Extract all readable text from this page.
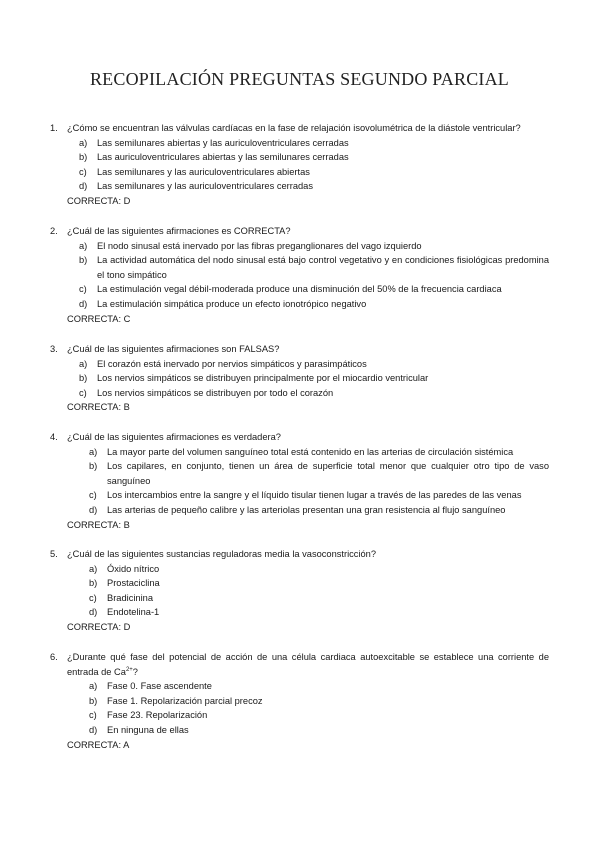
RECOPILACIÓN PREGUNTAS SEGUNDO PARCIAL
1. ¿Cómo se encuentran las válvulas cardíacas en la fase de relajación isovolumétrica de la diástole ventricular?
a) Las semilunares abiertas y las auriculoventriculares cerradas
b) Las auriculoventriculares abiertas y las semilunares cerradas
c) Las semilunares y las auriculoventriculares abiertas
d) Las semilunares y las auriculoventriculares cerradas
CORRECTA: D
2. ¿Cuál de las siguientes afirmaciones es CORRECTA?
a) El nodo sinusal está inervado por las fibras preganglionares del vago izquierdo
b) La actividad automática del nodo sinusal está bajo control vegetativo y en condiciones fisiológicas predomina el tono simpático
c) La estimulación vegal débil-moderada produce una disminución del 50% de la frecuencia cardiaca
d) La estimulación simpática produce un efecto ionotrópico negativo
CORRECTA: C
3. ¿Cuál de las siguientes afirmaciones son FALSAS?
a) El corazón está inervado por nervios simpáticos y parasimpáticos
b) Los nervios simpáticos se distribuyen principalmente por el miocardio ventricular
c) Los nervios simpáticos se distribuyen por todo el corazón
CORRECTA: B
4. ¿Cuál de las siguientes afirmaciones es verdadera?
a) La mayor parte del volumen sanguíneo total está contenido en las arterias de circulación sistémica
b) Los capilares, en conjunto, tienen un área de superficie total menor que cualquier otro tipo de vaso sanguíneo
c) Los intercambios entre la sangre y el líquido tisular tienen lugar a través de las paredes de las venas
d) Las arterias de pequeño calibre y las arteriolas presentan una gran resistencia al flujo sanguíneo
CORRECTA: B
5. ¿Cuál de las siguientes sustancias reguladoras media la vasoconstricción?
a) Óxido nítrico
b) Prostaciclina
c) Bradicinina
d) Endotelina-1
CORRECTA: D
6. ¿Durante qué fase del potencial de acción de una célula cardiaca autoexcitable se establece una corriente de entrada de $Ca^{2+}$?
a) Fase 0. Fase ascendente
b) Fase 1. Repolarización parcial precoz
c) Fase 23. Repolarización
d) En ninguna de ellas
CORRECTA: A
